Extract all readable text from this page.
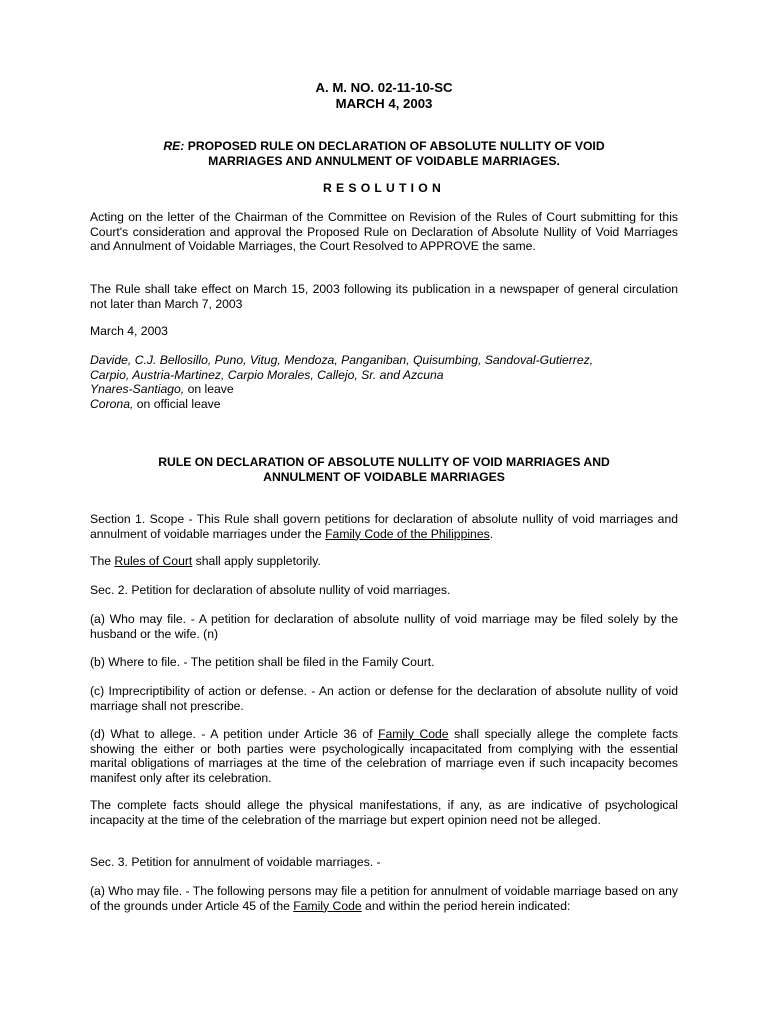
A. M. NO. 02-11-10-SC
MARCH 4, 2003
RE: PROPOSED RULE ON DECLARATION OF ABSOLUTE NULLITY OF VOID
MARRIAGES AND ANNULMENT OF VOIDABLE MARRIAGES.
RESOLUTION

Acting on the letter of the Chairman of the Committee on Revision of the Rules of Court submitting for this Court's consideration and approval the Proposed Rule on Declaration of Absolute Nullity of Void Marriages and Annulment of Voidable Marriages, the Court Resolved to APPROVE the same.

The Rule shall take effect on March 15, 2003 following its publication in a newspaper of general circulation not later than March 7, 2003

March 4, 2003

Davide, C.J. Bellosillo, Puno, Vitug, Mendoza, Panganiban, Quisumbing, Sandoval-Gutierrez,
Carpio, Austria-Martinez, Carpio Morales, Callejo, Sr. and Azcuna
Ynares-Santiago, on leave
Corona, on official leave
RULE ON DECLARATION OF ABSOLUTE NULLITY OF VOID MARRIAGES AND
ANNULMENT OF VOIDABLE MARRIAGES

Section 1. Scope - This Rule shall govern petitions for declaration of absolute nullity of void marriages and annulment of voidable marriages under the Family Code of the Philippines.

The Rules of Court shall apply suppletorily.

Sec. 2. Petition for declaration of absolute nullity of void marriages.

(a) Who may file. - A petition for declaration of absolute nullity of void marriage may be filed solely by the husband or the wife. (n)

(b) Where to file. - The petition shall be filed in the Family Court.

(c) Imprecriptibility of action or defense. - An action or defense for the declaration of absolute nullity of void marriage shall not prescribe.

(d) What to allege. - A petition under Article 36 of Family Code shall specially allege the complete facts showing the either or both parties were psychologically incapacitated from complying with the essential marital obligations of marriages at the time of the celebration of marriage even if such incapacity becomes manifest only after its celebration.

The complete facts should allege the physical manifestations, if any, as are indicative of psychological incapacity at the time of the celebration of the marriage but expert opinion need not be alleged.

Sec. 3. Petition for annulment of voidable marriages. -

(a) Who may file. - The following persons may file a petition for annulment of voidable marriage based on any of the grounds under Article 45 of the Family Code and within the period herein indicated:
